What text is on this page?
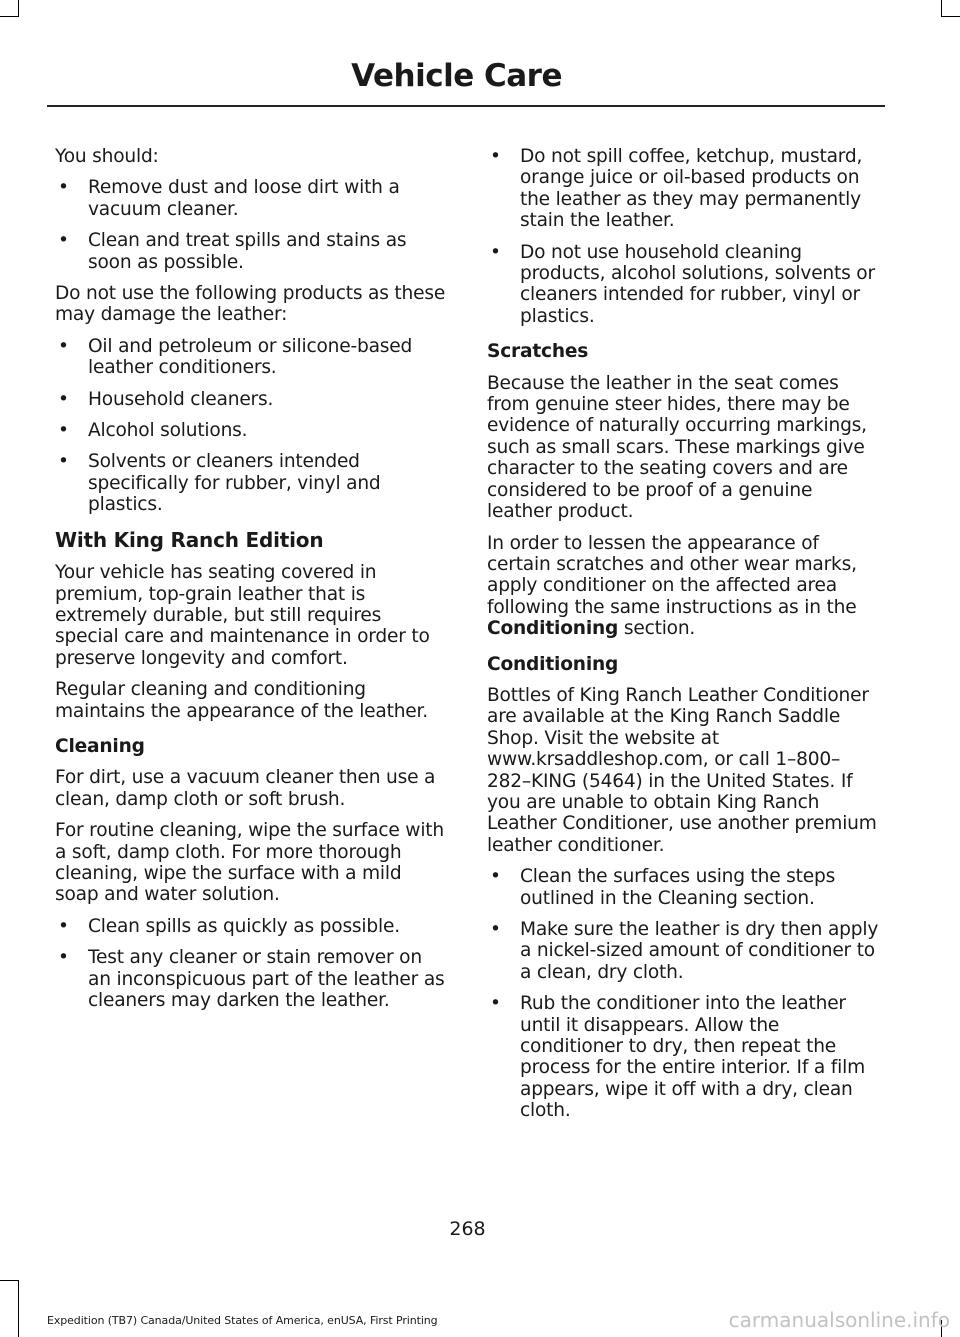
Vehicle Care

You should:

• Remove dust and loose dirt with a vacuum cleaner.
• Clean and treat spills and stains as soon as possible.

Do not use the following products as these may damage the leather:

• Oil and petroleum or silicone-based leather conditioners.
• Household cleaners.
• Alcohol solutions.
• Solvents or cleaners intended specifically for rubber, vinyl and plastics.
With King Ranch Edition

Your vehicle has seating covered in premium, top-grain leather that is extremely durable, but still requires special care and maintenance in order to preserve longevity and comfort.

Regular cleaning and conditioning maintains the appearance of the leather.

Cleaning

For dirt, use a vacuum cleaner then use a clean, damp cloth or soft brush.

For routine cleaning, wipe the surface with a soft, damp cloth. For more thorough cleaning, wipe the surface with a mild soap and water solution.

• Clean spills as quickly as possible.
• Test any cleaner or stain remover on an inconspicuous part of the leather as cleaners may darken the leather.
• Do not spill coffee, ketchup, mustard, orange juice or oil-based products on the leather as they may permanently stain the leather.
• Do not use household cleaning products, alcohol solutions, solvents or cleaners intended for rubber, vinyl or plastics.
Scratches

Because the leather in the seat comes from genuine steer hides, there may be evidence of naturally occurring markings, such as small scars. These markings give character to the seating covers and are considered to be proof of a genuine leather product.

In order to lessen the appearance of certain scratches and other wear marks, apply conditioner on the affected area following the same instructions as in the Conditioning section.

Conditioning

Bottles of King Ranch Leather Conditioner are available at the King Ranch Saddle Shop. Visit the website at www.krsaddleshop.com, or call 1–800–282–KING (5464) in the United States. If you are unable to obtain King Ranch Leather Conditioner, use another premium leather conditioner.

• Clean the surfaces using the steps outlined in the Cleaning section.
• Make sure the leather is dry then apply a nickel-sized amount of conditioner to a clean, dry cloth.
• Rub the conditioner into the leather until it disappears. Allow the conditioner to dry, then repeat the process for the entire interior. If a film appears, wipe it off with a dry, clean cloth.
268
Expedition (TB7) Canada/United States of America, enUSA, First Printing	carmanualsonline.info
